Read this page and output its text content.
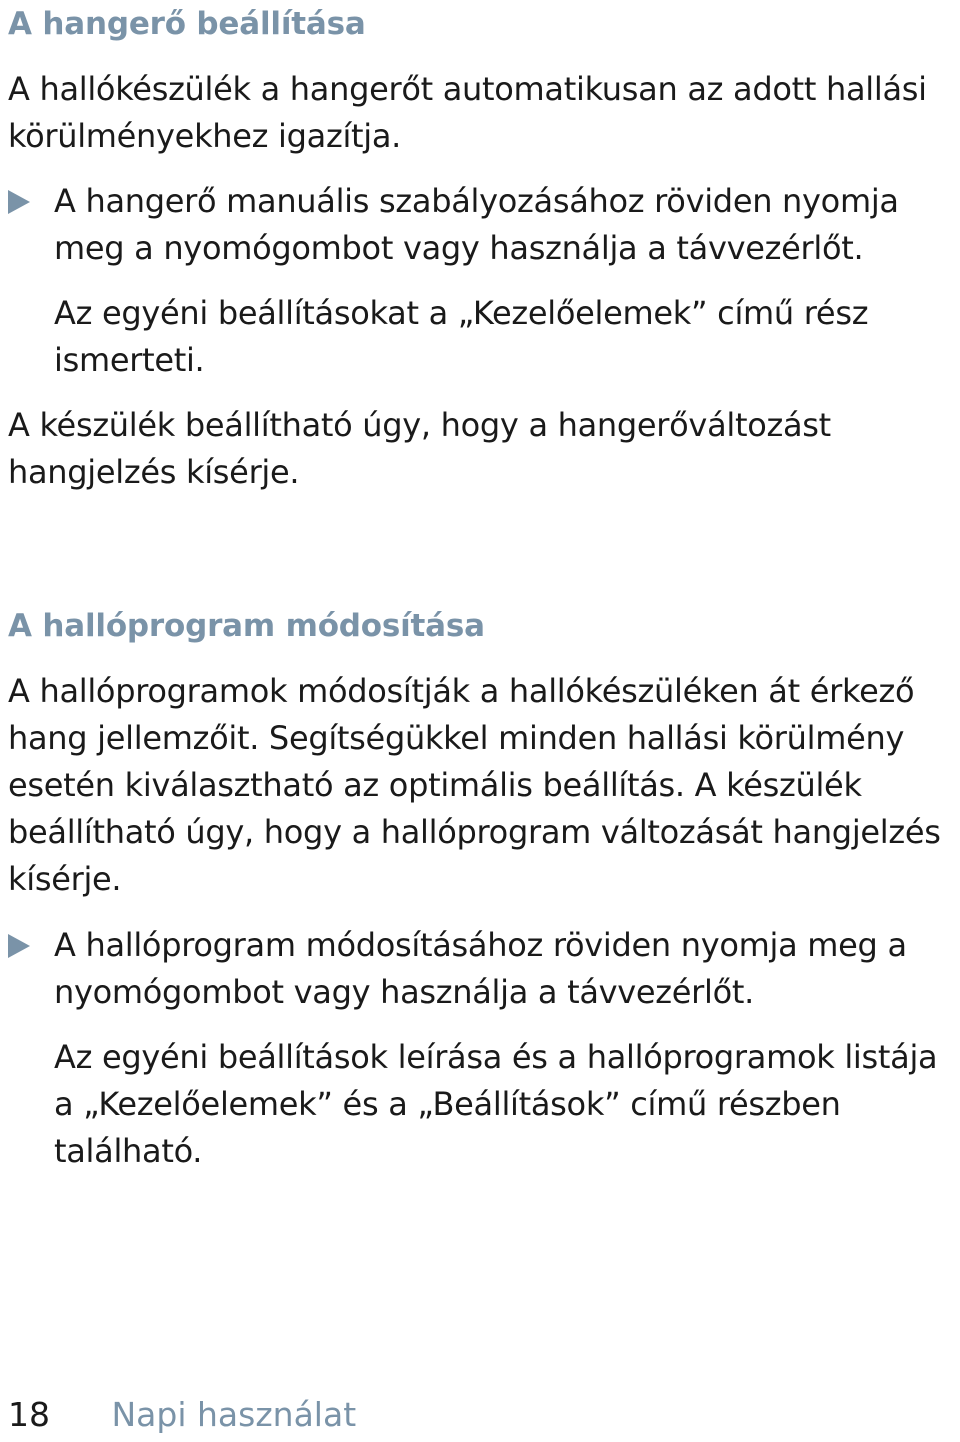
A hangerő beállítása

A hallókészülék a hangerőt automatikusan az adott hallási körülményekhez igazítja.

A hangerő manuális szabályozásához röviden nyomja meg a nyomógombot vagy használja a távvezérlőt.

Az egyéni beállításokat a „Kezelőelemek” című rész ismerteti.

A készülék beállítható úgy, hogy a hangerőváltozást hangjelzés kísérje.

A hallóprogram módosítása

A hallóprogramok módosítják a hallókészüléken át érkező hang jellemzőit. Segítségükkel minden hallási körülmény esetén kiválasztható az optimális beállítás. A készülék beállítható úgy, hogy a hallóprogram változását hangjelzés kísérje.

A hallóprogram módosításához röviden nyomja meg a nyomógombot vagy használja a távvezérlőt.

Az egyéni beállítások leírása és a hallóprogramok listája a „Kezelőelemek” és a „Beállítások” című részben található.

18 Napi használat
